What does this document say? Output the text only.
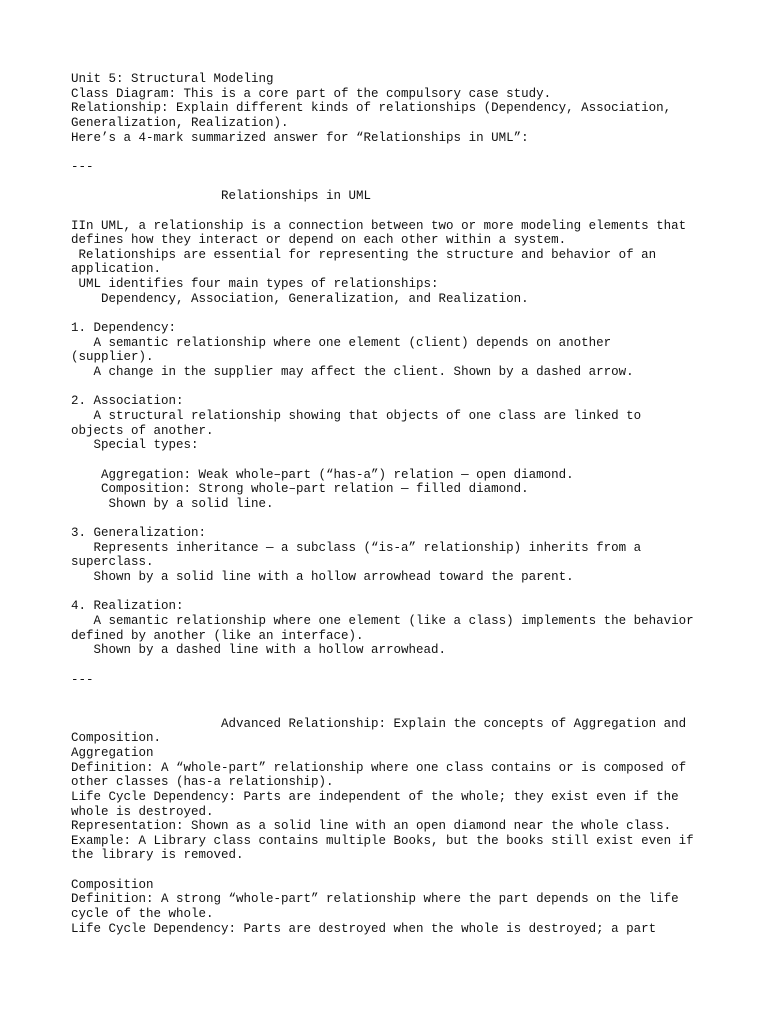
Unit 5: Structural Modeling

Class Diagram: This is a core part of the compulsory case study.

Relationship: Explain different kinds of relationships (Dependency, Association,

Generalization, Realization).

Here’s a 4-mark summarized answer for “Relationships in UML”:

---

Relationships in UML

IIn UML, a relationship is a connection between two or more modeling elements that

defines how they interact or depend on each other within a system.

Relationships are essential for representing the structure and behavior of an

application.

UML identifies four main types of relationships:

Dependency, Association, Generalization, and Realization.

1. Dependency:

A semantic relationship where one element (client) depends on another

(supplier).

A change in the supplier may affect the client. Shown by a dashed arrow.

2. Association:

A structural relationship showing that objects of one class are linked to

objects of another.

Special types:

Aggregation: Weak whole–part (“has-a”) relation — open diamond.

Composition: Strong whole–part relation — filled diamond.

Shown by a solid line.

3. Generalization:

Represents inheritance — a subclass (“is-a” relationship) inherits from a

superclass.

Shown by a solid line with a hollow arrowhead toward the parent.

4. Realization:

A semantic relationship where one element (like a class) implements the behavior

defined by another (like an interface).

Shown by a dashed line with a hollow arrowhead.

---

Advanced Relationship: Explain the concepts of Aggregation and

Composition.

Aggregation

Definition: A “whole-part” relationship where one class contains or is composed of

other classes (has-a relationship).

Life Cycle Dependency: Parts are independent of the whole; they exist even if the

whole is destroyed.

Representation: Shown as a solid line with an open diamond near the whole class.

Example: A Library class contains multiple Books, but the books still exist even if

the library is removed.

Composition

Definition: A strong “whole-part” relationship where the part depends on the life

cycle of the whole.

Life Cycle Dependency: Parts are destroyed when the whole is destroyed; a part
